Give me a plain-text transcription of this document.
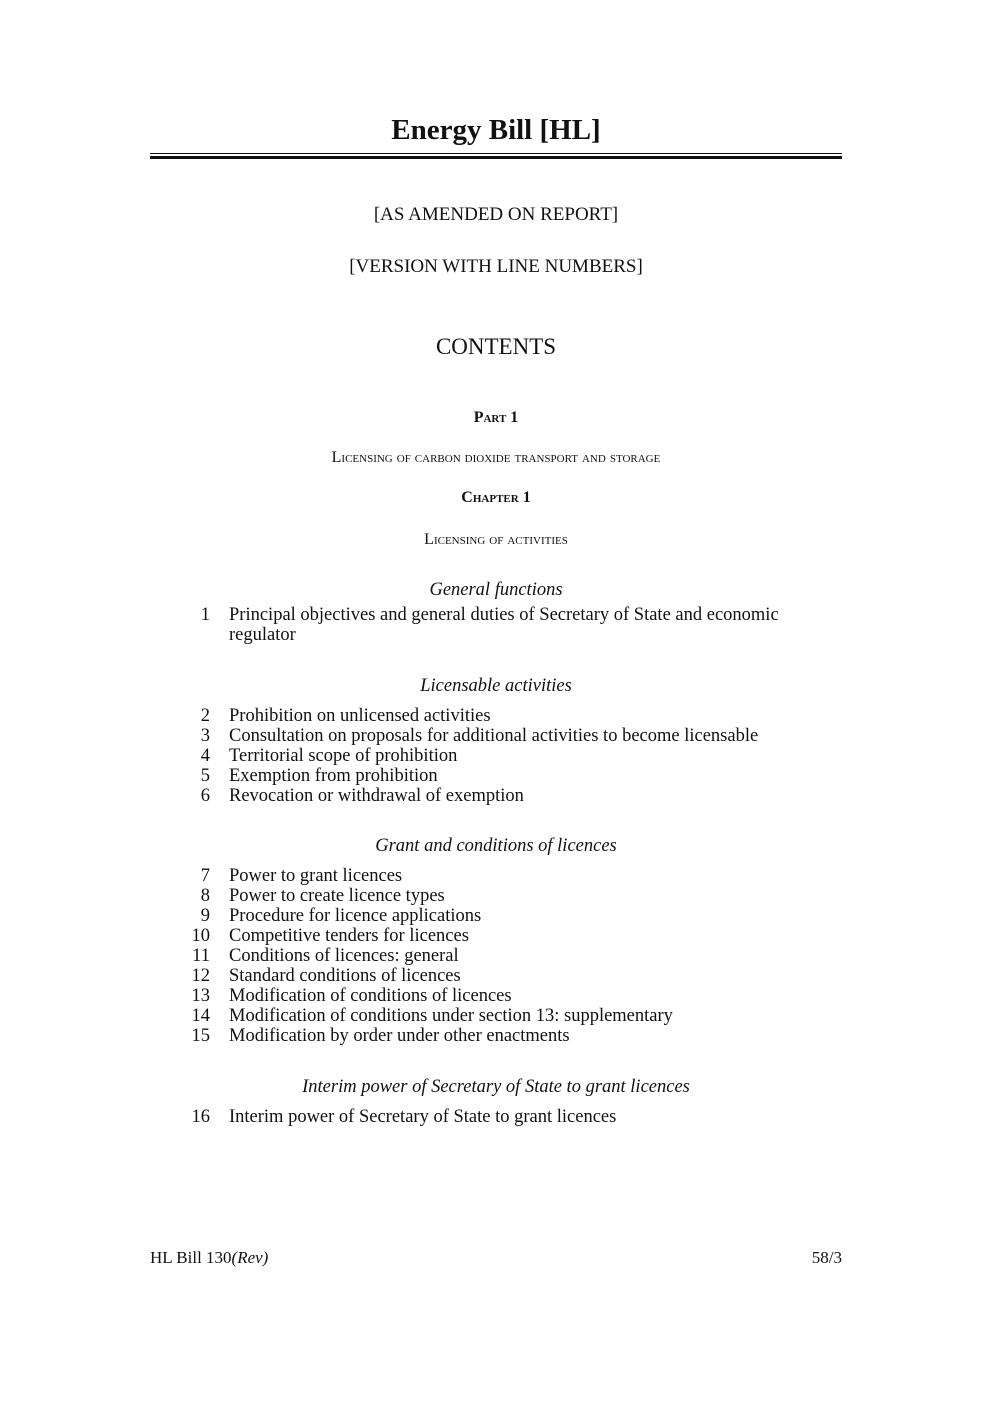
Energy Bill [HL]
[AS AMENDED ON REPORT]
[VERSION WITH LINE NUMBERS]
CONTENTS
Part 1
Licensing of carbon dioxide transport and storage
Chapter 1
Licensing of activities
General functions
1 Principal objectives and general duties of Secretary of State and economic regulator
Licensable activities
2 Prohibition on unlicensed activities
3 Consultation on proposals for additional activities to become licensable
4 Territorial scope of prohibition
5 Exemption from prohibition
6 Revocation or withdrawal of exemption
Grant and conditions of licences
7 Power to grant licences
8 Power to create licence types
9 Procedure for licence applications
10 Competitive tenders for licences
11 Conditions of licences: general
12 Standard conditions of licences
13 Modification of conditions of licences
14 Modification of conditions under section 13: supplementary
15 Modification by order under other enactments
Interim power of Secretary of State to grant licences
16 Interim power of Secretary of State to grant licences
HL Bill 130(Rev)	58/3
